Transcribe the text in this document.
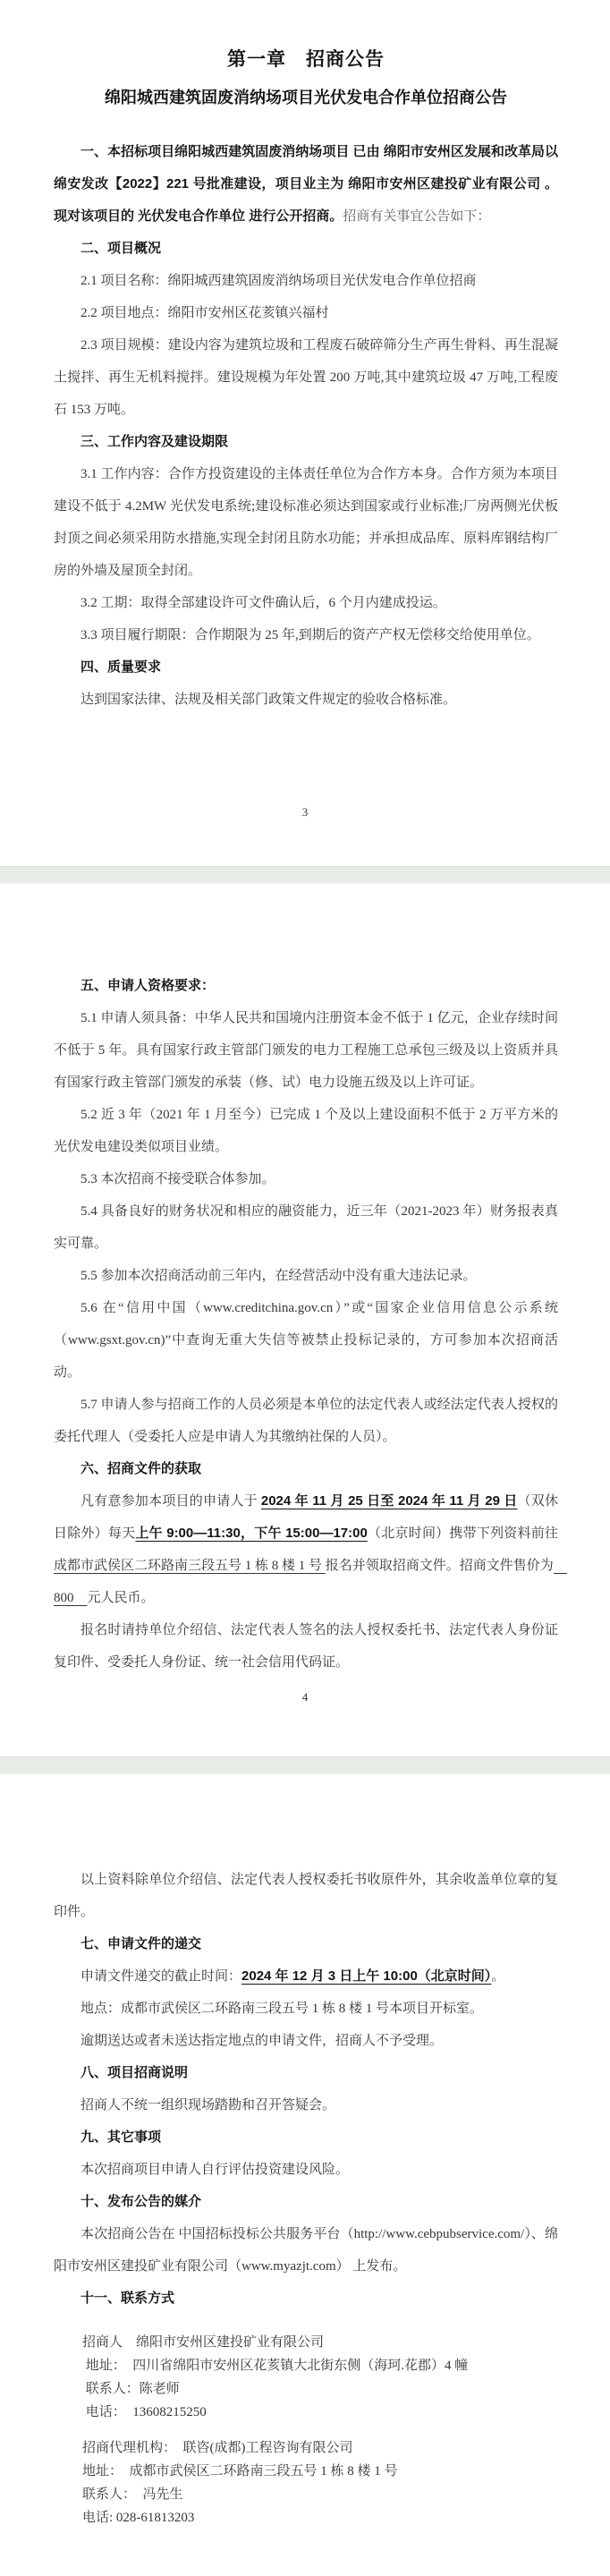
第一章　招商公告
绵阳城西建筑固废消纳场项目光伏发电合作单位招商公告

一、本招标项目绵阳城西建筑固废消纳场项目 已由 绵阳市安州区发展和改革局以 绵安发改【2022】221 号批准建设，项目业主为 绵阳市安州区建投矿业有限公司 。现对该项目的 光伏发电合作单位 进行公开招商。招商有关事宜公告如下：

二、项目概况

2.1 项目名称：绵阳城西建筑固废消纳场项目光伏发电合作单位招商

2.2 项目地点：绵阳市安州区花荄镇兴福村

2.3 项目规模：建设内容为建筑垃圾和工程废石破碎筛分生产再生骨料、再生混凝土搅拌、再生无机料搅拌。建设规模为年处置 200 万吨,其中建筑垃圾 47 万吨,工程废石 153 万吨。

三、工作内容及建设期限

3.1 工作内容：合作方投资建设的主体责任单位为合作方本身。合作方须为本项目建设不低于 4.2MW 光伏发电系统;建设标准必须达到国家或行业标准;厂房两侧光伏板封顶之间必须采用防水措施,实现全封闭且防水功能；并承担成品库、原料库钢结构厂房的外墙及屋顶全封闭。

3.2 工期：取得全部建设许可文件确认后，6 个月内建成投运。

3.3 项目履行期限：合作期限为 25 年,到期后的资产产权无偿移交给使用单位。

四、质量要求

达到国家法律、法规及相关部门政策文件规定的验收合格标准。

3

五、申请人资格要求：

5.1 申请人须具备：中华人民共和国境内注册资本金不低于 1 亿元，企业存续时间不低于 5 年。具有国家行政主管部门颁发的电力工程施工总承包三级及以上资质并具有国家行政主管部门颁发的承装（修、试）电力设施五级及以上许可证。

5.2 近 3 年（2021 年 1 月至今）已完成 1 个及以上建设面积不低于 2 万平方米的光伏发电建设类似项目业绩。

5.3 本次招商不接受联合体参加。

5.4 具备良好的财务状况和相应的融资能力，近三年（2021-2023 年）财务报表真实可靠。

5.5 参加本次招商活动前三年内，在经营活动中没有重大违法记录。

5.6 在“信用中国（www.creditchina.gov.cn）”或“国家企业信用信息公示系统（www.gsxt.gov.cn)”中查询无重大失信等被禁止投标记录的，方可参加本次招商活动。

5.7 申请人参与招商工作的人员必须是本单位的法定代表人或经法定代表人授权的委托代理人（受委托人应是申请人为其缴纳社保的人员）。

六、招商文件的获取

凡有意参加本项目的申请人于 2024 年 11 月 25 日至 2024 年 11 月 29 日（双休日除外）每天上午 9:00—11:30，下午 15:00—17:00（北京时间）携带下列资料前往 成都市武侯区二环路南三段五号 1 栋 8 楼 1 号 报名并领取招商文件。招商文件售价为　800　元人民币。

报名时请持单位介绍信、法定代表人签名的法人授权委托书、法定代表人身份证复印件、受委托人身份证、统一社会信用代码证。

4

以上资料除单位介绍信、法定代表人授权委托书收原件外，其余收盖单位章的复印件。

七、申请文件的递交

申请文件递交的截止时间：2024 年 12 月 3 日上午 10:00（北京时间）。

地点：成都市武侯区二环路南三段五号 1 栋 8 楼 1 号本项目开标室。

逾期送达或者未送达指定地点的申请文件，招商人不予受理。

八、项目招商说明

招商人不统一组织现场踏勘和召开答疑会。

九、其它事项

本次招商项目申请人自行评估投资建设风险。

十、发布公告的媒介

本次招商公告在 中国招标投标公共服务平台（http://www.cebpubservice.com/）、绵阳市安州区建投矿业有限公司（www.myazjt.com） 上发布。

十一、联系方式

招商人　绵阳市安州区建投矿业有限公司

地址：　四川省绵阳市安州区花荄镇大北街东侧（海珂.花郡）4 幢

联系人：陈老师

电话：　13608215250

招商代理机构：　联咨(成都)工程咨询有限公司

地址：　成都市武侯区二环路南三段五号 1 栋 8 楼 1 号

联系人：　冯先生

电话: 028-61813203
